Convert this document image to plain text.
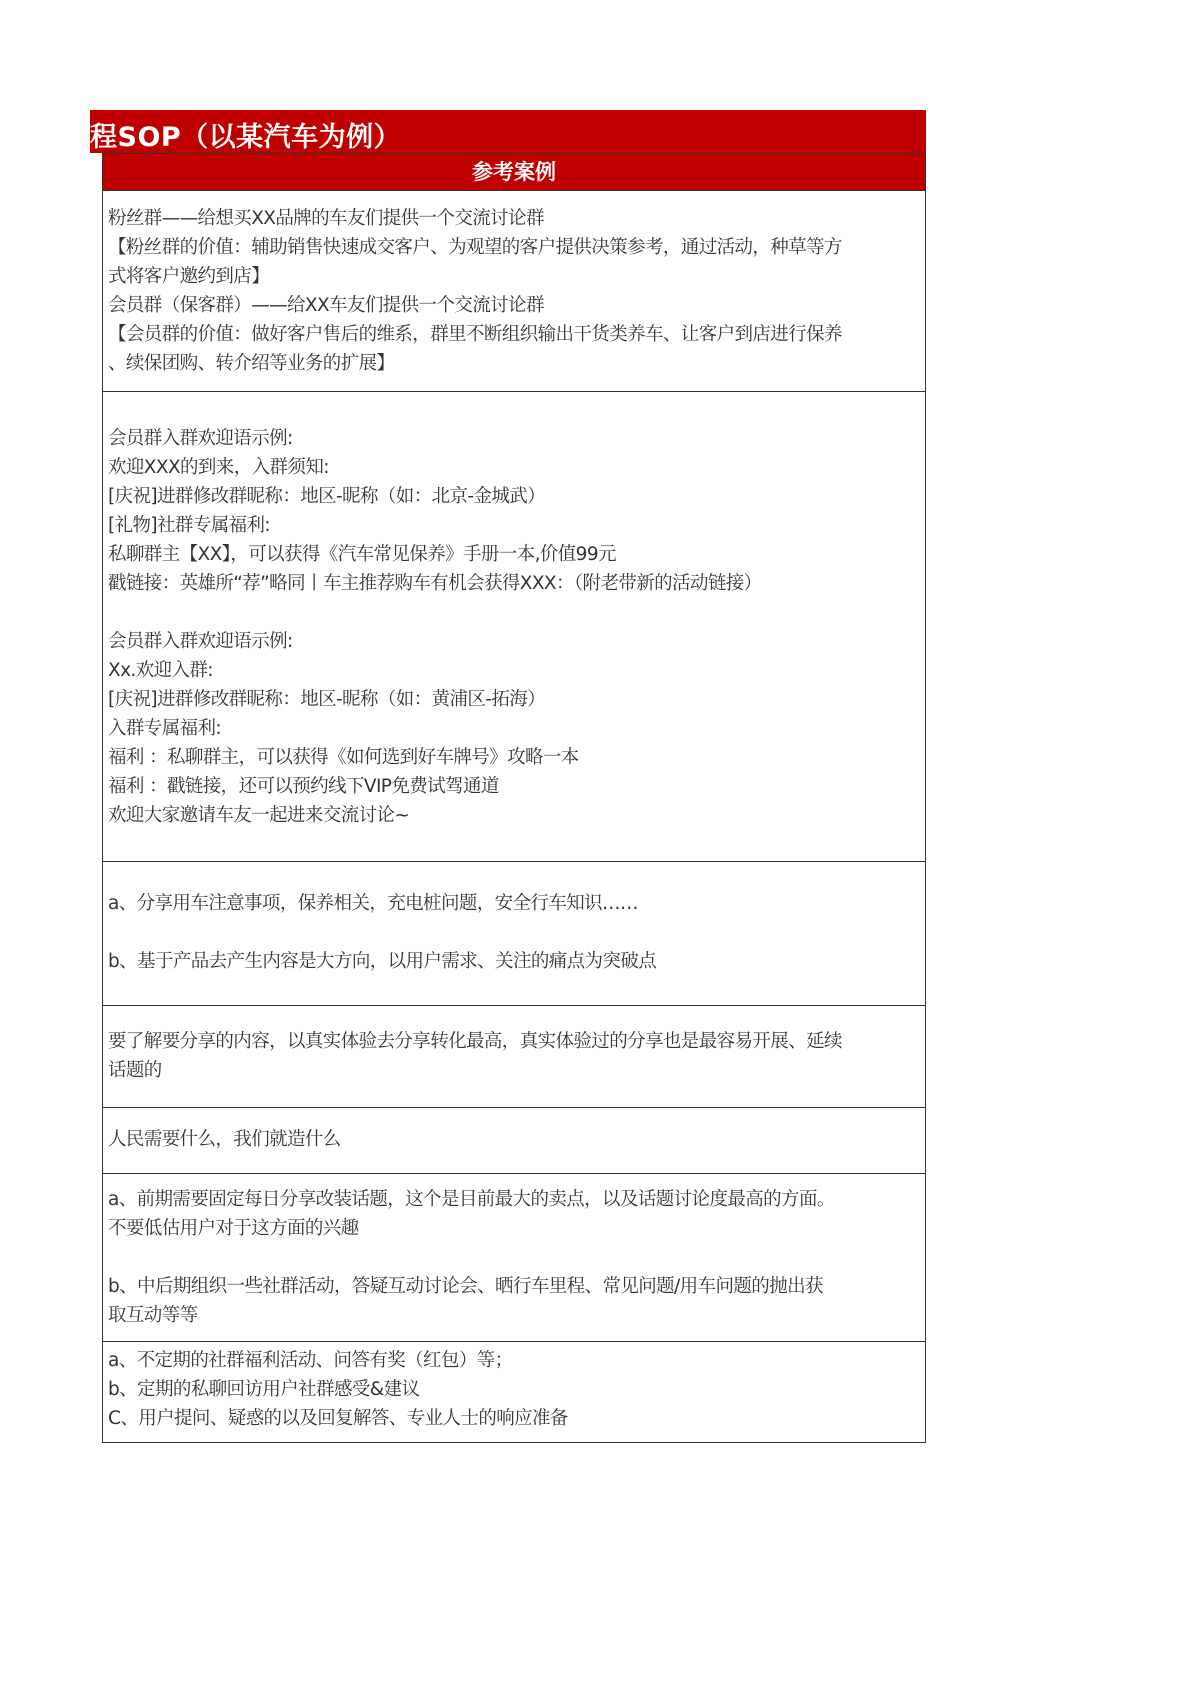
程SOP（以某汽车为例）
参考案例
粉丝群——给想买XX品牌的车友们提供一个交流讨论群
【粉丝群的价值：辅助销售快速成交客户、为观望的客户提供决策参考，通过活动，种草等方
式将客户邀约到店】
会员群（保客群）——给XX车友们提供一个交流讨论群
【会员群的价值：做好客户售后的维系，群里不断组织输出干货类养车、让客户到店进行保养
、续保团购、转介绍等业务的扩展】
会员群入群欢迎语示例:
欢迎XXX的到来，入群须知:
[庆祝]进群修改群昵称：地区-昵称（如：北京-金城武）
[礼物]社群专属福利:
私聊群主【XX】，可以获得《汽车常见保养》手册一本,价值99元
戳链接：英雄所“荐”略同丨车主推荐购车有机会获得XXX：（附老带新的活动链接）
会员群入群欢迎语示例:
Xx.欢迎入群:
[庆祝]进群修改群昵称：地区-昵称（如：黄浦区-拓海）
入群专属福利:
福利 ：私聊群主，可以获得《如何选到好车牌号》攻略一本
福利 ：戳链接，还可以预约线下VIP免费试驾通道
欢迎大家邀请车友一起进来交流讨论~
a、分享用车注意事项，保养相关，充电桩问题，安全行车知识……
b、基于产品去产生内容是大方向，以用户需求、关注的痛点为突破点
要了解要分享的内容，以真实体验去分享转化最高，真实体验过的分享也是最容易开展、延续
话题的
人民需要什么，我们就造什么
a、前期需要固定每日分享改装话题，这个是目前最大的卖点，以及话题讨论度最高的方面。
不要低估用户对于这方面的兴趣
b、中后期组织一些社群活动，答疑互动讨论会、晒行车里程、常见问题/用车问题的抛出获
取互动等等
a、不定期的社群福利活动、问答有奖（红包）等；
b、定期的私聊回访用户社群感受&建议
C、用户提问、疑惑的以及回复解答、专业人士的响应准备
